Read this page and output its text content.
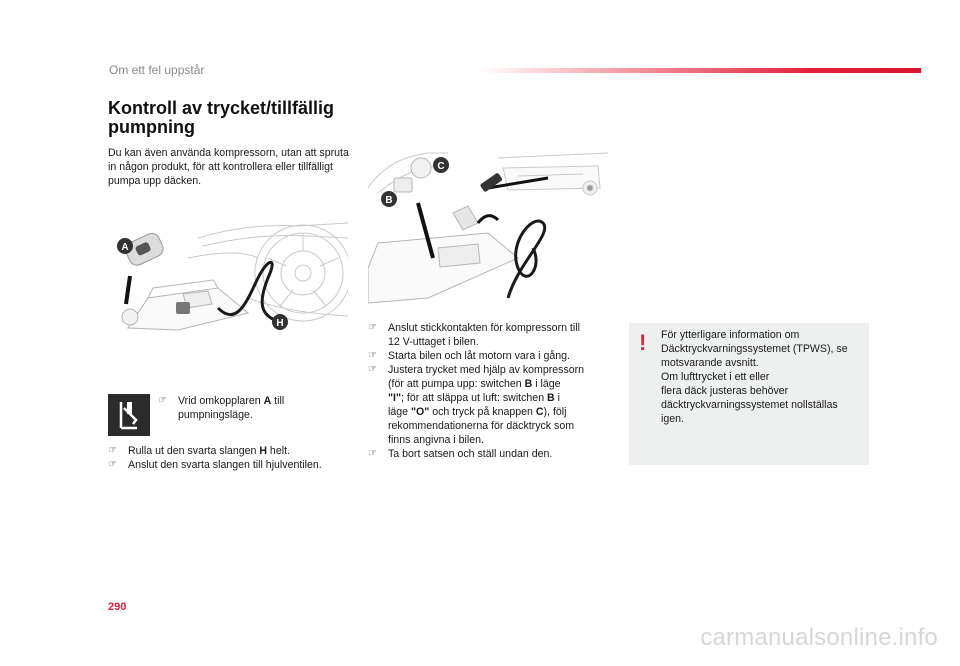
Om ett fel uppstår
Kontroll av trycket/tillfällig
pumpning
Du kan även använda kompressorn, utan att spruta in någon produkt, för att kontrollera eller tillfälligt pumpa upp däcken.
A
H
C
B
☞ Vrid omkopplaren A till
pumpningsläge.
☞ Rulla ut den svarta slangen H helt.
☞ Anslut den svarta slangen till hjulventilen.
☞ Anslut stickkontakten för kompressorn till
12 V-uttaget i bilen.
☞ Starta bilen och låt motorn vara i gång.
☞ Justera trycket med hjälp av kompressorn
(för att pumpa upp: switchen B i läge
"I"; för att släppa ut luft: switchen B i
läge "O" och tryck på knappen C), följ
rekommendationerna för däcktryck som
finns angivna i bilen.
☞ Ta bort satsen och ställ undan den.
! För ytterligare information om
Däcktryckvarningssystemet (TPWS), se
motsvarande avsnitt.
Om lufttrycket i ett eller
flera däck justeras behöver
däcktryckvarningssystemet nollställas
igen.
290
carmanualsonline.info
